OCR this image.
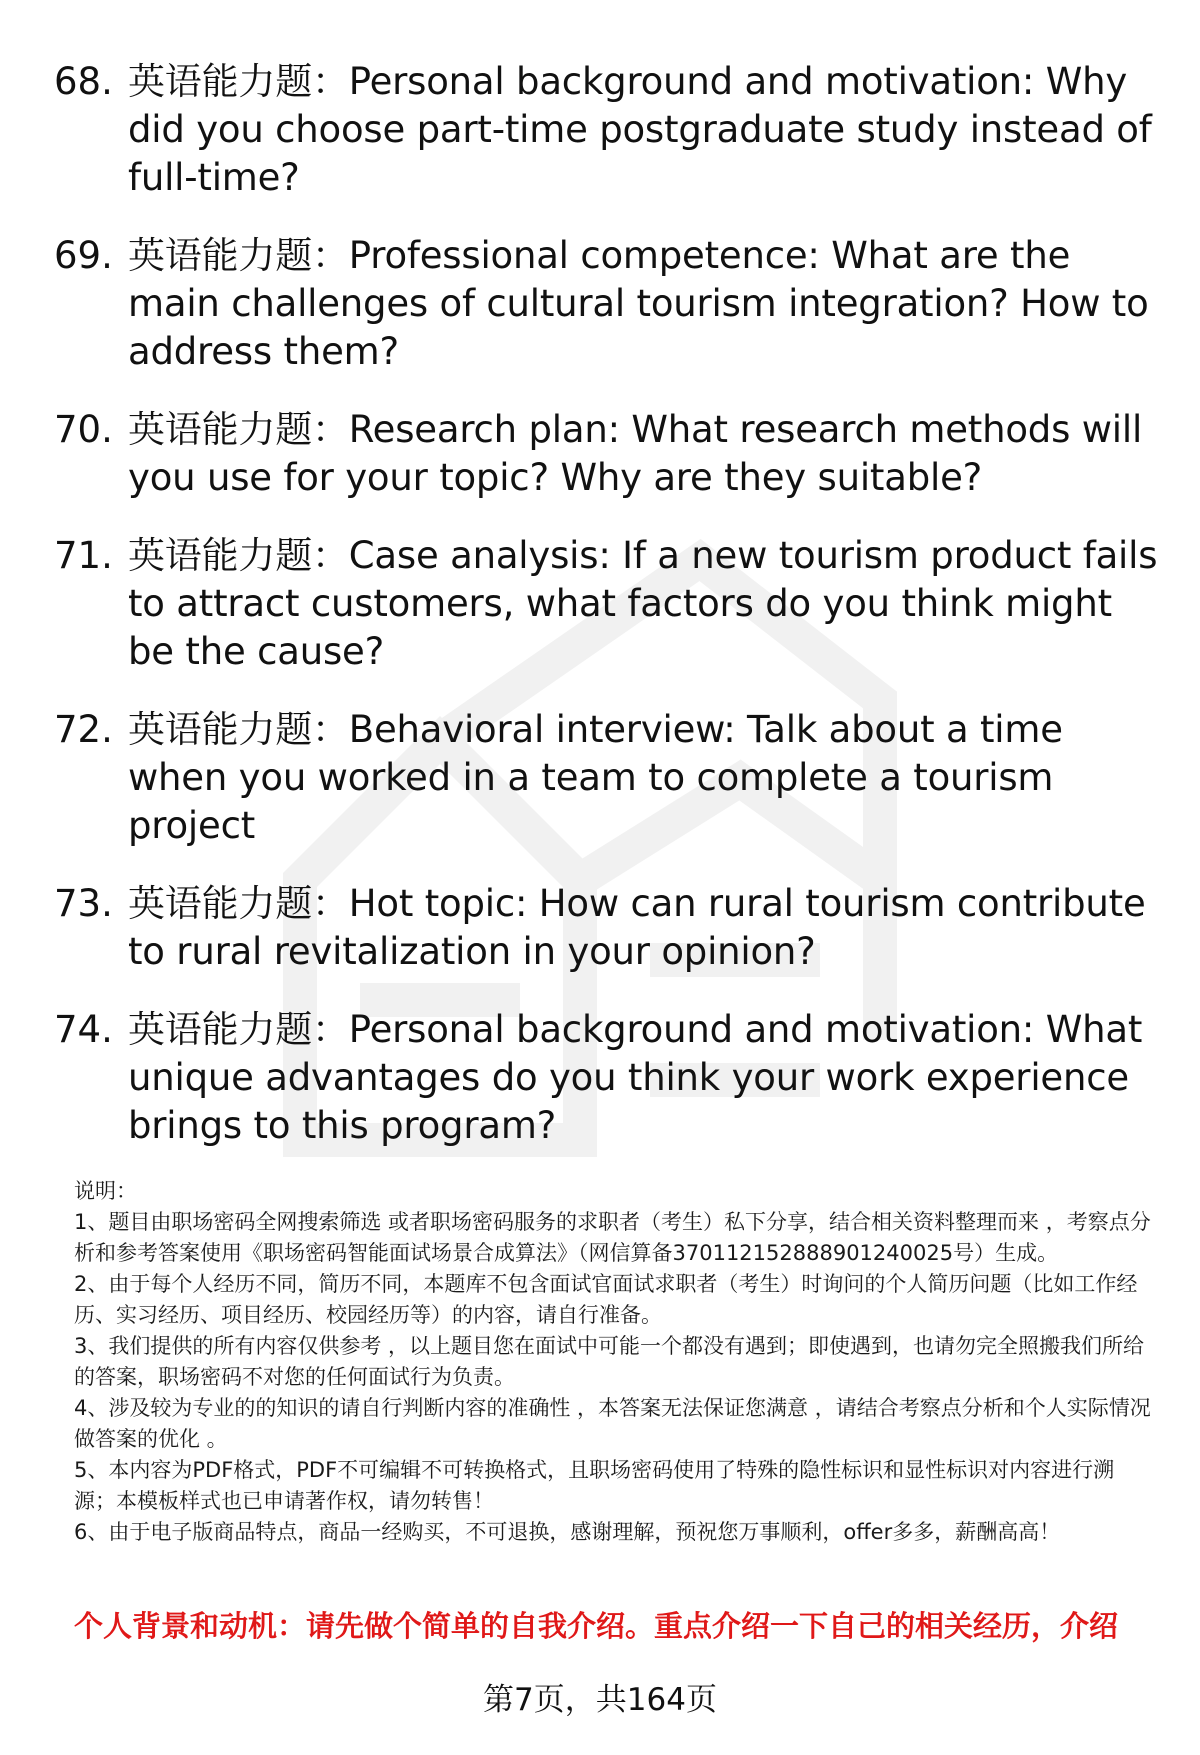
68. 英语能力题：Personal background and motivation: Why did you choose part-time postgraduate study instead of full-time?
69. 英语能力题：Professional competence: What are the main challenges of cultural tourism integration? How to address them?
70. 英语能力题：Research plan: What research methods will you use for your topic? Why are they suitable?
71. 英语能力题：Case analysis: If a new tourism product fails to attract customers, what factors do you think might be the cause?
72. 英语能力题：Behavioral interview: Talk about a time when you worked in a team to complete a tourism project
73. 英语能力题：Hot topic: How can rural tourism contribute to rural revitalization in your opinion?
74. 英语能力题：Personal background and motivation: What unique advantages do you think your work experience brings to this program?

说明：

1、题目由职场密码全网搜索筛选 或者职场密码服务的求职者（考生）私下分享，结合相关资料整理而来 ，考察点分析和参考答案使用《职场密码智能面试场景合成算法》（网信算备370112152888901240025号）生成。

2、由于每个人经历不同，简历不同，本题库不包含面试官面试求职者（考生）时询问的个人简历问题（比如工作经历、实习经历、项目经历、校园经历等）的内容，请自行准备。

3、我们提供的所有内容仅供参考 ，以上题目您在面试中可能一个都没有遇到；即使遇到，也请勿完全照搬我们所给的答案，职场密码不对您的任何面试行为负责。

4、涉及较为专业的的知识的请自行判断内容的准确性 ，本答案无法保证您满意 ，请结合考察点分析和个人实际情况做答案的优化 。

5、本内容为PDF格式，PDF不可编辑不可转换格式，且职场密码使用了特殊的隐性标识和显性标识对内容进行溯源；本模板样式也已申请著作权，请勿转售！

6、由于电子版商品特点，商品一经购买，不可退换，感谢理解，预祝您万事顺利，offer多多，薪酬高高！

个人背景和动机：请先做个简单的自我介绍。重点介绍一下自己的相关经历，介绍
第7页，共164页
